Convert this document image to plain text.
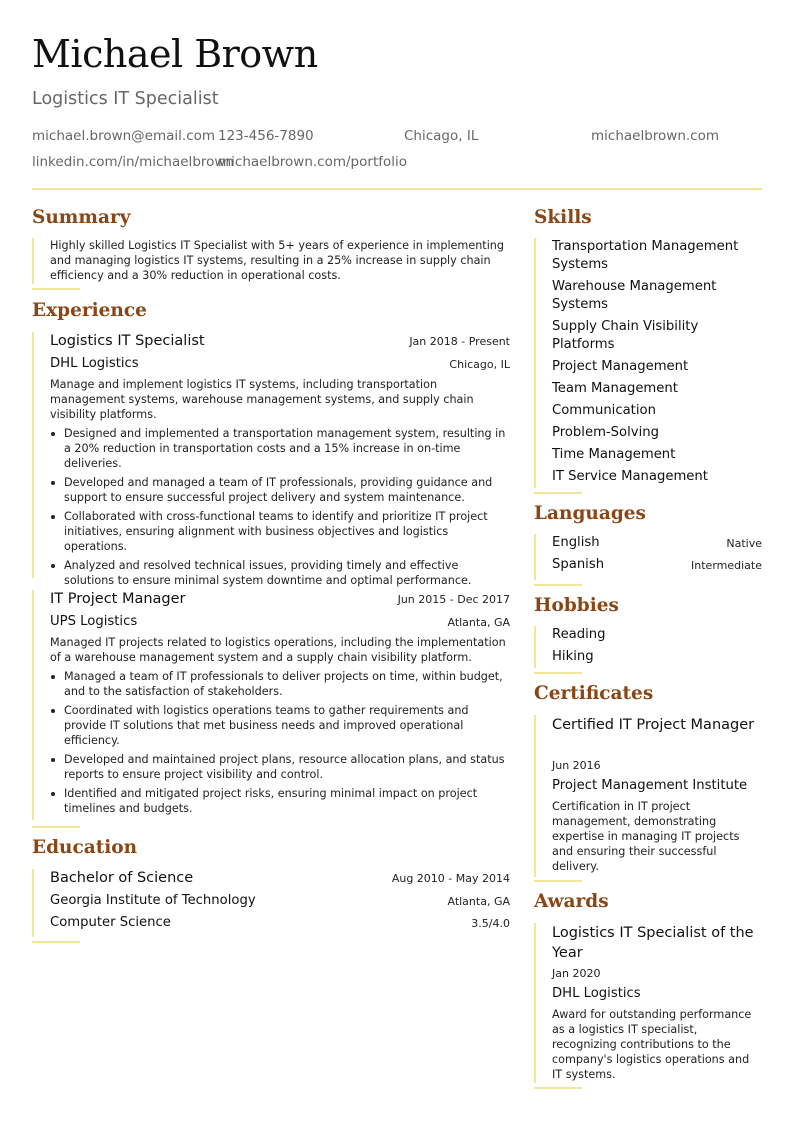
Michael Brown
Logistics IT Specialist
michael.brown@email.com 123-456-7890	Chicago, IL	michaelbrown.com
linkedin.com/in/michaelbrown
michaelbrown.com/portfolio
Summary

Highly skilled Logistics IT Specialist with 5+ years of experience in implementing and managing logistics IT systems, resulting in a 25% increase in supply chain efficiency and a 30% reduction in operational costs.

Experience
Logistics IT Specialist	Jan 2018 - Present
DHL Logistics	Chicago, IL

Manage and implement logistics IT systems, including transportation management systems, warehouse management systems, and supply chain visibility platforms.

Designed and implemented a transportation management system, resulting in a 20% reduction in transportation costs and a 15% increase in on-time deliveries.
Developed and managed a team of IT professionals, providing guidance and support to ensure successful project delivery and system maintenance.
Collaborated with cross-functional teams to identify and prioritize IT project initiatives, ensuring alignment with business objectives and logistics operations.
Analyzed and resolved technical issues, providing timely and effective solutions to ensure minimal system downtime and optimal performance.
IT Project Manager	Jun 2015 - Dec 2017
UPS Logistics	Atlanta, GA

Managed IT projects related to logistics operations, including the implementation of a warehouse management system and a supply chain visibility platform.

Managed a team of IT professionals to deliver projects on time, within budget, and to the satisfaction of stakeholders.
Coordinated with logistics operations teams to gather requirements and provide IT solutions that met business needs and improved operational efficiency.
Developed and maintained project plans, resource allocation plans, and status reports to ensure project visibility and control.
Identified and mitigated project risks, ensuring minimal impact on project timelines and budgets.
Education
Bachelor of Science	Aug 2010 - May 2014
Georgia Institute of Technology	Atlanta, GA
Computer Science	3.5/4.0
Skills
Transportation Management Systems
Warehouse Management Systems
Supply Chain Visibility Platforms
Project Management
Team Management
Communication
Problem-Solving
Time Management
IT Service Management
Languages
English	Native
Spanish	Intermediate
Hobbies
Reading
Hiking
Certificates
Certified IT Project Manager
Jun 2016
Project Management Institute

Certification in IT project management, demonstrating expertise in managing IT projects and ensuring their successful delivery.

Awards
Logistics IT Specialist of the Year
Jan 2020
DHL Logistics

Award for outstanding performance as a logistics IT specialist, recognizing contributions to the company's logistics operations and IT systems.
